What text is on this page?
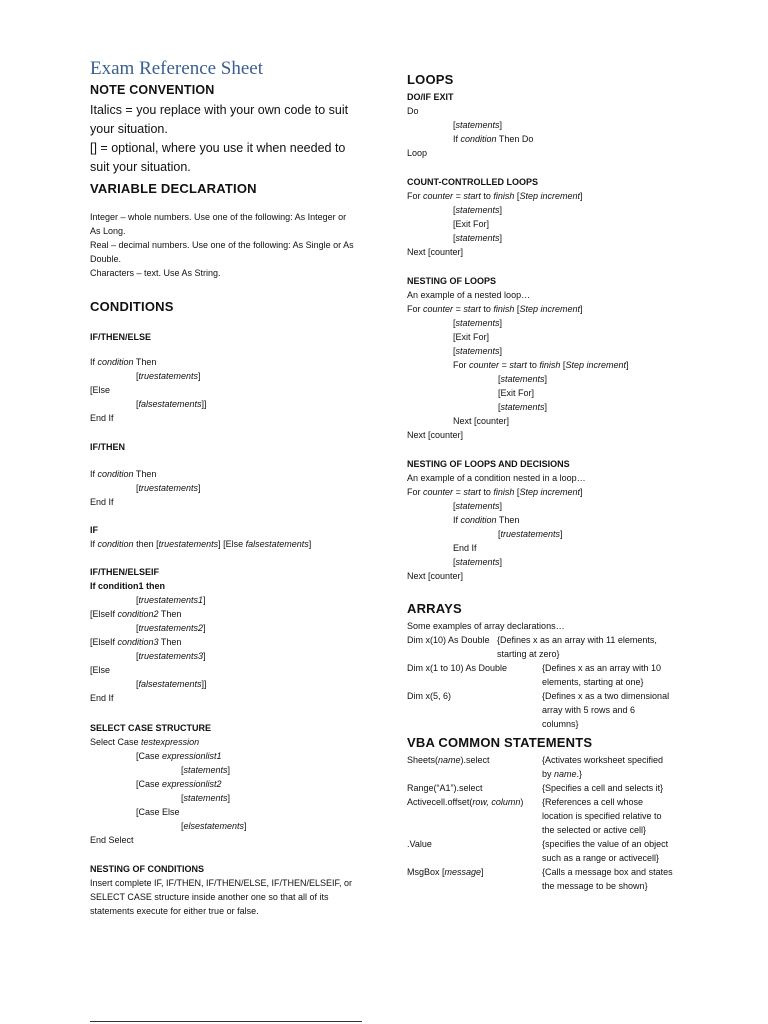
Exam Reference Sheet
NOTE CONVENTION
Italics = you replace with your own code to suit
your situation.
[] = optional, where you use it when needed to
suit your situation.
VARIABLE DECLARATION
Integer – whole numbers. Use one of the following: As Integer or
As Long.
Real – decimal numbers. Use one of the following: As Single or As
Double.
Characters – text. Use As String.
CONDITIONS
IF/THEN/ELSE
If condition Then
[truestatements]
[Else
[falsestatements]]
End If
IF/THEN
If condition Then
[truestatements]
End If
IF
If condition then [truestatements] [Else falsestatements]
IF/THEN/ELSEIF
If condition1 then
[truestatements1]
[ElseIf condition2 Then
[truestatements2]
[ElseIf condition3 Then
[truestatements3]
[Else
[falsestatements]]
End If
SELECT CASE STRUCTURE
Select Case testexpression
[Case expressionlist1
[statements]
[Case expressionlist2
[statements]
[Case Else
[elsestatements]
End Select
NESTING OF CONDITIONS
Insert complete IF, IF/THEN, IF/THEN/ELSE, IF/THEN/ELSEIF, or
SELECT CASE structure inside another one so that all of its
statements execute for either true or false.
LOOPS
DO/IF EXIT
Do
[statements]
If condition Then Do
Loop
COUNT-CONTROLLED LOOPS
For counter = start to finish [Step increment]
[statements]
[Exit For]
[statements]
Next [counter]
NESTING OF LOOPS
An example of a nested loop…
For counter = start to finish [Step increment]
[statements]
[Exit For]
[statements]
For counter = start to finish [Step increment]
[statements]
[Exit For]
[statements]
Next [counter]
Next [counter]
NESTING OF LOOPS AND DECISIONS
An example of a condition nested in a loop…
For counter = start to finish [Step increment]
[statements]
If condition Then
[truestatements]
End If
[statements]
Next [counter]
ARRAYS
Some examples of array declarations…
Dim x(10) As Double {Defines x as an array with 11 elements,
starting at zero}
Dim x(1 to 10) As Double	{Defines x as an array with 10
elements, starting at one}
Dim x(5, 6)	{Defines x as a two dimensional
array with 5 rows and 6
columns}
VBA COMMON STATEMENTS
Sheets(name).select	{Activates worksheet specified
by name.}
Range(“A1”).select	{Specifies a cell and selects it}
Activecell.offset(row, column) {References a cell whose
location is specified relative to
the selected or active cell}
.Value	{specifies the value of an object
such as a range or activecell}
MsgBox [message]	{Calls a message box and states
the message to be shown}
